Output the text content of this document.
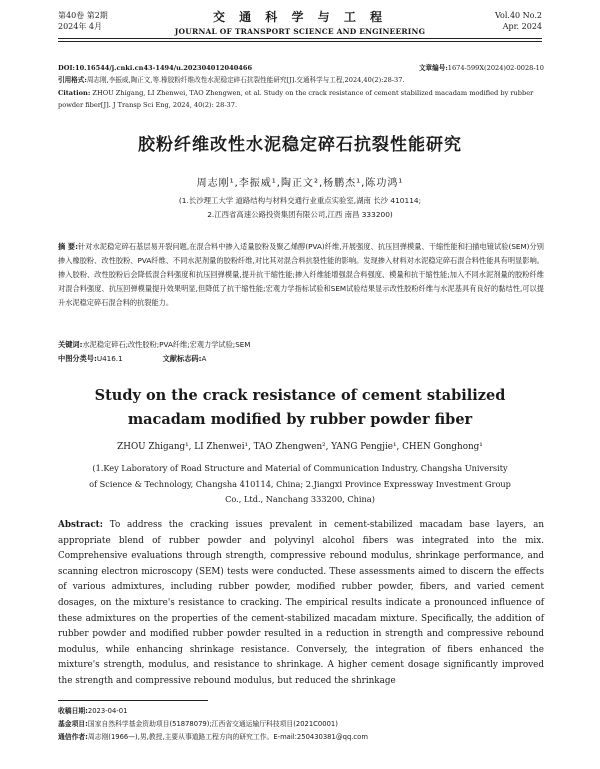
第40卷 第2期
2024年 4月
交 通 科 学 与 工 程
JOURNAL OF TRANSPORT SCIENCE AND ENGINEERING
Vol.40 No.2
Apr. 2024
DOI:10.16544/j.cnki.cn43-1494/u.202304012040466	文章编号:1674-599X(2024)02-0028-10
引用格式:周志刚,李振威,陶正文,等.橡胶粉纤维改性水泥稳定碎石抗裂性能研究[J].交通科学与工程,2024,40(2):28-37.
Citation: ZHOU Zhigang, LI Zhenwei, TAO Zhengwen, et al. Study on the crack resistance of cement stabilized macadam modified by rubber
powder fiber[J]. J Transp Sci Eng, 2024, 40(2): 28-37.
胶粉纤维改性水泥稳定碎石抗裂性能研究
周志刚¹,李振威¹,陶正文²,杨鹏杰¹,陈功鸿¹
(1.长沙理工大学 道路结构与材料交通行业重点实验室,湖南 长沙 410114;
2.江西省高速公路投资集团有限公司,江西 南昌 333200)
摘 要:针对水泥稳定碎石基层易开裂问题,在混合料中掺入适量胶粉及聚乙烯醇(PVA)纤维,开展强度、抗压回弹模量、干缩性能和扫描电镜试验(SEM)分别掺入橡胶粉、改性胶粉、PVA纤维、不同水泥剂量的胶粉纤维,对比其对混合料抗裂性能的影响。发现掺入材料对水泥稳定碎石混合料性能具有明显影响。掺入胶粉、改性胶粉后会降低混合料强度和抗压回弹模量,提升抗干缩性能;掺入纤维能增强混合料强度、模量和抗干缩性能;加入不同水泥剂量的胶粉纤维对混合料强度、抗压回弹模量提升效果明显,但降低了抗干缩性能;宏观力学指标试验和SEM试验结果显示改性胶粉纤维与水泥基具有良好的黏结性,可以提升水泥稳定碎石混合料的抗裂能力。
关键词:水泥稳定碎石;改性胶粉;PVA纤维;宏观力学试验;SEM
中图分类号:U416.1	文献标志码:A
Study on the crack resistance of cement stabilized macadam modified by rubber powder fiber
ZHOU Zhigang¹, LI Zhenwei¹, TAO Zhengwen², YANG Pengjie¹, CHEN Gonghong¹
(1.Key Laboratory of Road Structure and Material of Communication Industry, Changsha University of Science & Technology, Changsha 410114, China; 2.Jiangxi Province Expressway Investment Group Co., Ltd., Nanchang 333200, China)
Abstract: To address the cracking issues prevalent in cement-stabilized macadam base layers, an appropriate blend of rubber powder and polyvinyl alcohol fibers was integrated into the mix. Comprehensive evaluations through strength, compressive rebound modulus, shrinkage performance, and scanning electron microscopy (SEM) tests were conducted. These assessments aimed to discern the effects of various admixtures, including rubber powder, modified rubber powder, fibers, and varied cement dosages, on the mixture's resistance to cracking. The empirical results indicate a pronounced influence of these admixtures on the properties of the cement-stabilized macadam mixture. Specifically, the addition of rubber powder and modified rubber powder resulted in a reduction in strength and compressive rebound modulus, while enhancing shrinkage resistance. Conversely, the integration of fibers enhanced the mixture's strength, modulus, and resistance to shrinkage. A higher cement dosage significantly improved the strength and compressive rebound modulus, but reduced the shrinkage
收稿日期:2023-04-01
基金项目:国家自然科学基金资助项目(51878079);江西省交通运输厅科技项目(2021C0001)
通信作者:周志刚(1966—),男,教授,主要从事道路工程方向的研究工作。E-mail:250430381@qq.com
